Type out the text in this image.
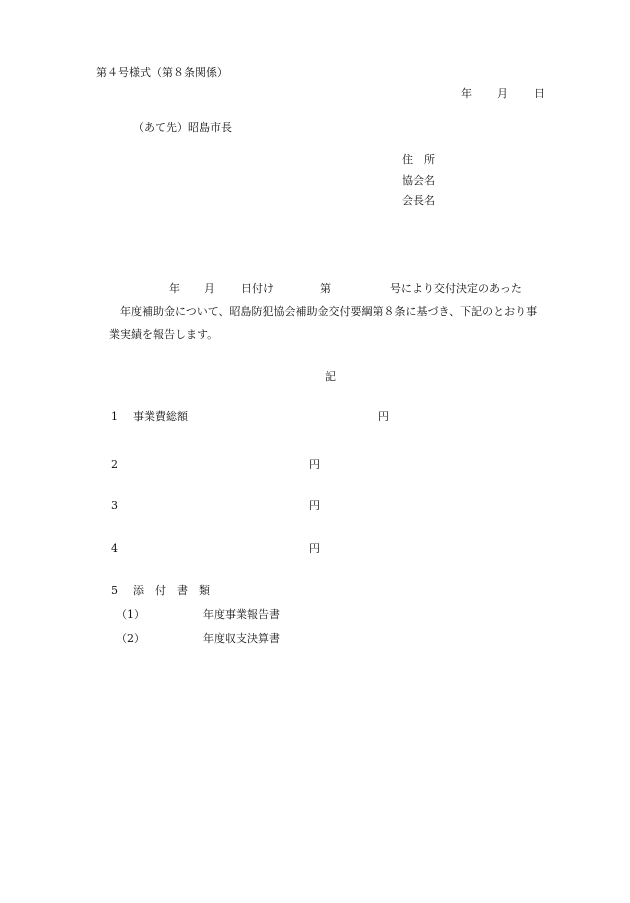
第４号様式（第８条関係）
年 月 日
（あて先）昭島市長
住　所
協会名
会長名
年 月 日付け	第	号により交付決定のあった
年度補助金について、昭島防犯協会補助金交付要綱第８条に基づき、下記のとおり事
業実績を報告します。
記
1 事業費総額	円
2	円
3	円
4	円
5 添　付　書　類
（1）	年度事業報告書
（2）	年度収支決算書
